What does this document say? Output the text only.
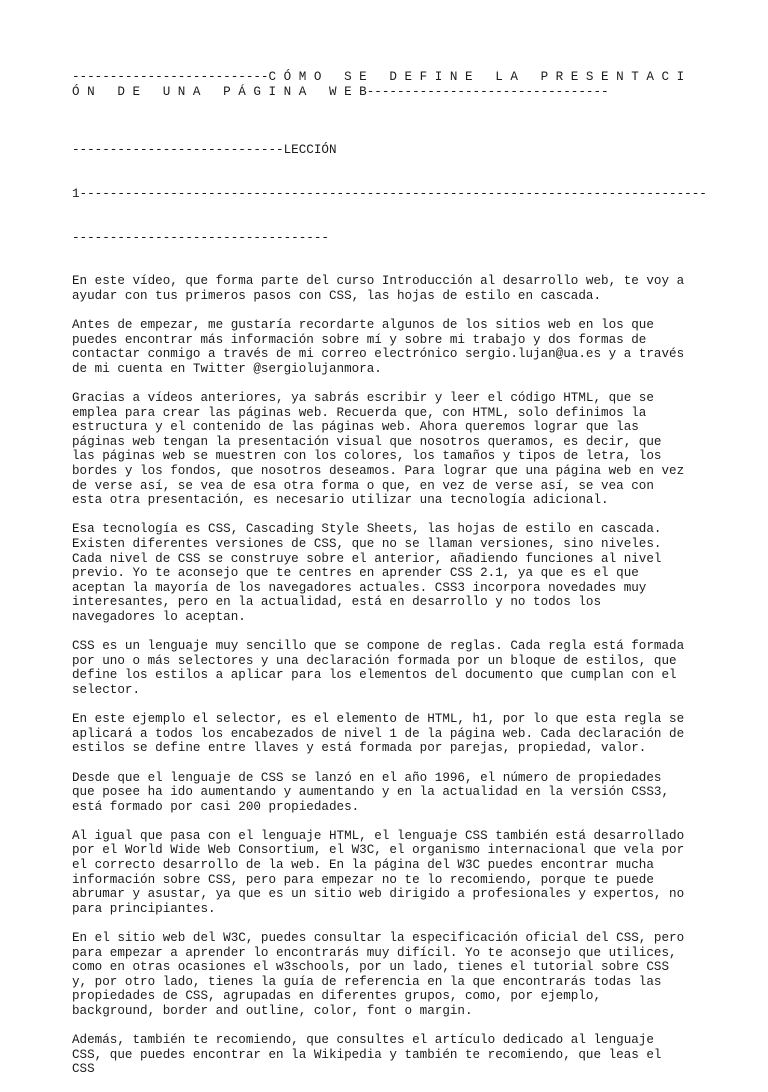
--------------------------C Ó M O   S E   D E F I N E   L A   P R E S E N T A C I
Ó N   D E   U N A   P Á G I N A   W E B--------------------------------

----------------------------LECCIÓN

1-----------------------------------------------------------------------------------

----------------------------------

En este vídeo, que forma parte del curso Introducción al desarrollo web, te voy a ayudar con tus primeros pasos con CSS, las hojas de estilo en cascada.

Antes de empezar, me gustaría recordarte algunos de los sitios web en los que puedes encontrar más información sobre mí y sobre mi trabajo y dos formas de contactar conmigo a través de mi correo electrónico sergio.lujan@ua.es y a través de mi cuenta en Twitter @sergiolujanmora.

Gracias a vídeos anteriores, ya sabrás escribir y leer el código HTML, que se emplea para crear las páginas web. Recuerda que, con HTML, solo definimos la estructura y el contenido de las páginas web. Ahora queremos lograr que las páginas web tengan la presentación visual que nosotros queramos, es decir, que las páginas web se muestren con los colores, los tamaños y tipos de letra, los bordes y los fondos, que nosotros deseamos. Para lograr que una página web en vez de verse así, se vea de esa otra forma o que, en vez de verse así, se vea con esta otra presentación, es necesario utilizar una tecnología adicional.

Esa tecnología es CSS, Cascading Style Sheets, las hojas de estilo en cascada. Existen diferentes versiones de CSS, que no se llaman versiones, sino niveles. Cada nivel de CSS se construye sobre el anterior, añadiendo funciones al nivel previo. Yo te aconsejo que te centres en aprender CSS 2.1, ya que es el que aceptan la mayoría de los navegadores actuales. CSS3 incorpora novedades muy interesantes, pero en la actualidad, está en desarrollo y no todos los navegadores lo aceptan.

CSS es un lenguaje muy sencillo que se compone de reglas. Cada regla está formada por uno o más selectores y una declaración formada por un bloque de estilos, que define los estilos a aplicar para los elementos del documento que cumplan con el selector.

En este ejemplo el selector, es el elemento de HTML, h1, por lo que esta regla se aplicará a todos los encabezados de nivel 1 de la página web. Cada declaración de estilos se define entre llaves y está formada por parejas, propiedad, valor.

Desde que el lenguaje de CSS se lanzó en el año 1996, el número de propiedades que posee ha ido aumentando y aumentando y en la actualidad en la versión CSS3, está formado por casi 200 propiedades.

Al igual que pasa con el lenguaje HTML, el lenguaje CSS también está desarrollado por el World Wide Web Consortium, el W3C, el organismo internacional que vela por el correcto desarrollo de la web. En la página del W3C puedes encontrar mucha información sobre CSS, pero para empezar no te lo recomiendo, porque te puede abrumar y asustar, ya que es un sitio web dirigido a profesionales y expertos, no para principiantes.

En el sitio web del W3C, puedes consultar la especificación oficial del CSS, pero para empezar a aprender lo encontrarás muy difícil. Yo te aconsejo que utilices, como en otras ocasiones el w3schools, por un lado, tienes el tutorial sobre CSS y, por otro lado, tienes la guía de referencia en la que encontrarás todas las propiedades de CSS, agrupadas en diferentes grupos, como, por ejemplo, background, border and outline, color, font o margin.

Además, también te recomiendo, que consultes el artículo dedicado al lenguaje CSS, que puedes encontrar en la Wikipedia y también te recomiendo, que leas el CSS
